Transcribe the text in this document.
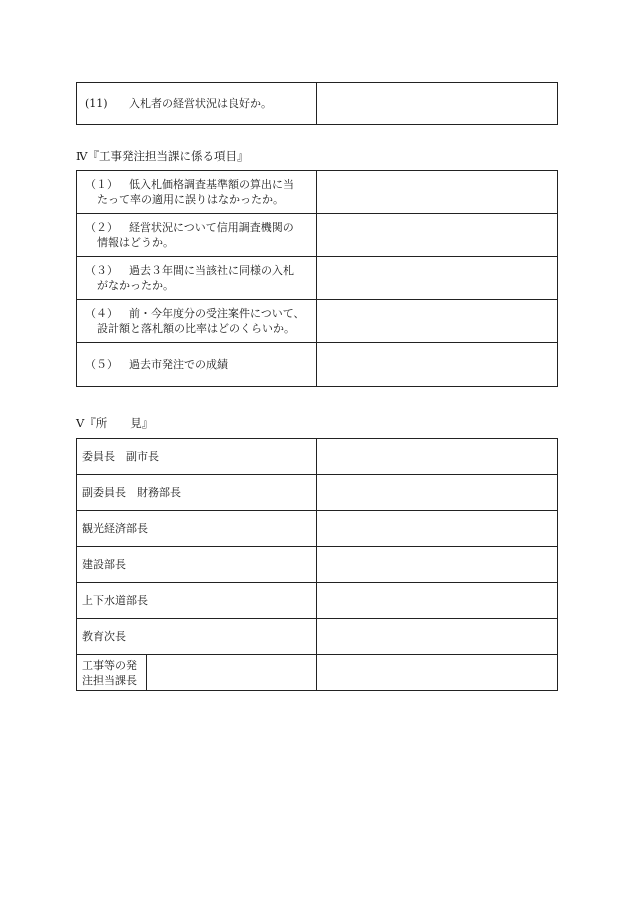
(11) 入札者の経営状況は良好か。	
Ⅳ『工事発注担当課に係る項目』
（１） 低入札価格調査基準額の算出に当
たって率の適用に誤りはなかったか。	

（２） 経営状況について信用調査機関の
情報はどうか。	

（３） 過去３年間に当該社に同様の入札
がなかったか。	

（４） 前・今年度分の受注案件について、
設計額と落札額の比率はどのくらいか。	

（５） 過去市発注での成績	
Ⅴ『所　　見』
委員長　副市長		
副委員長　財務部長		
観光経済部長		
建設部長		
上下水道部長		
教育次長		

工事等の発
注担当課長		
